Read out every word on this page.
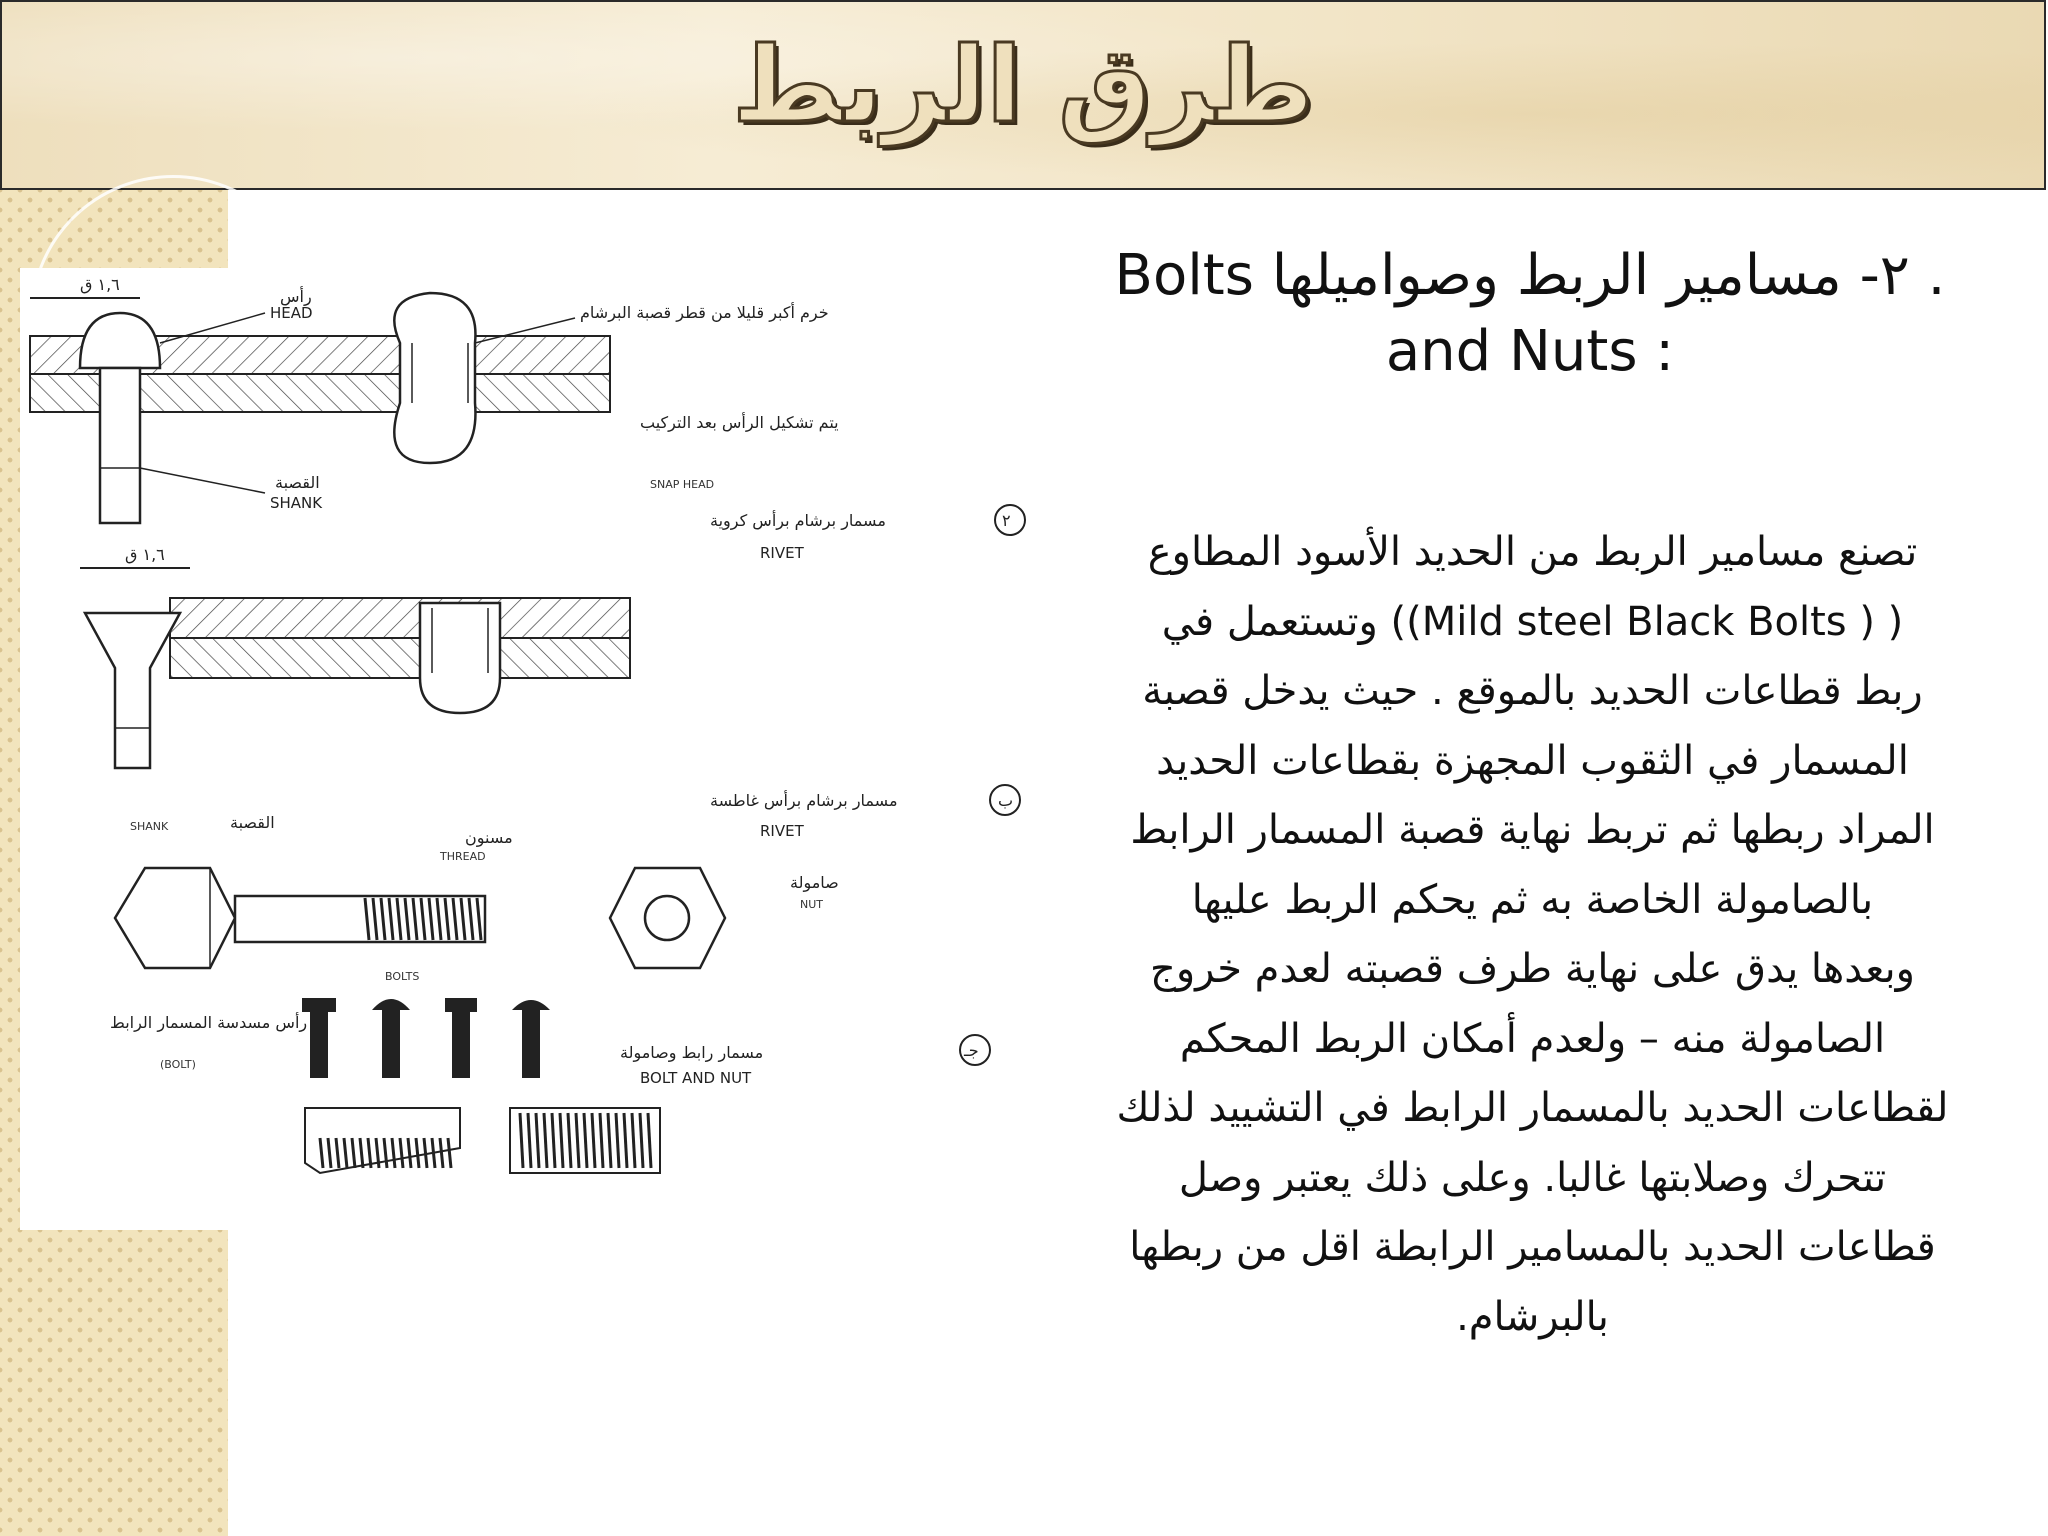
طرق الربط
١,٦ ق
HEAD
رأس
SHANK
القصبة
خرم أكبر قليلا من قطر قصبة البرشام
SNAP HEAD
يتم تشكيل الرأس بعد التركيب
مسمار برشام برأس كروية	٢
RIVET
١,٦ ق
مسمار برشام برأس غاطسة	ب
RIVET
SHANK	القصبة
THREAD
مسنون
NUT
صامولة
رأس مسدسة المسمار الرابط
(BOLT)
BOLTS
مسمار رابط وصامولة	جـ
BOLT AND NUT
. ٢- مسامير الربط وصواميلها Bolts
: and Nuts
تصنع مسامير الربط من الحديد الأسود المطاوع
( ( Mild steel Black Bolts)) وتستعمل في
ربط قطاعات الحديد بالموقع . حيث يدخل قصبة
المسمار في الثقوب المجهزة بقطاعات الحديد
المراد ربطها ثم تربط نهاية قصبة المسمار الرابط
بالصامولة الخاصة به ثم يحكم الربط عليها
وبعدها يدق على نهاية طرف قصبته لعدم خروج
الصامولة منه – ولعدم أمكان الربط المحكم
لقطاعات الحديد بالمسمار الرابط في التشييد لذلك
تتحرك وصلابتها غالبا. وعلى ذلك يعتبر وصل
قطاعات الحديد بالمسامير الرابطة اقل من ربطها
بالبرشام.
